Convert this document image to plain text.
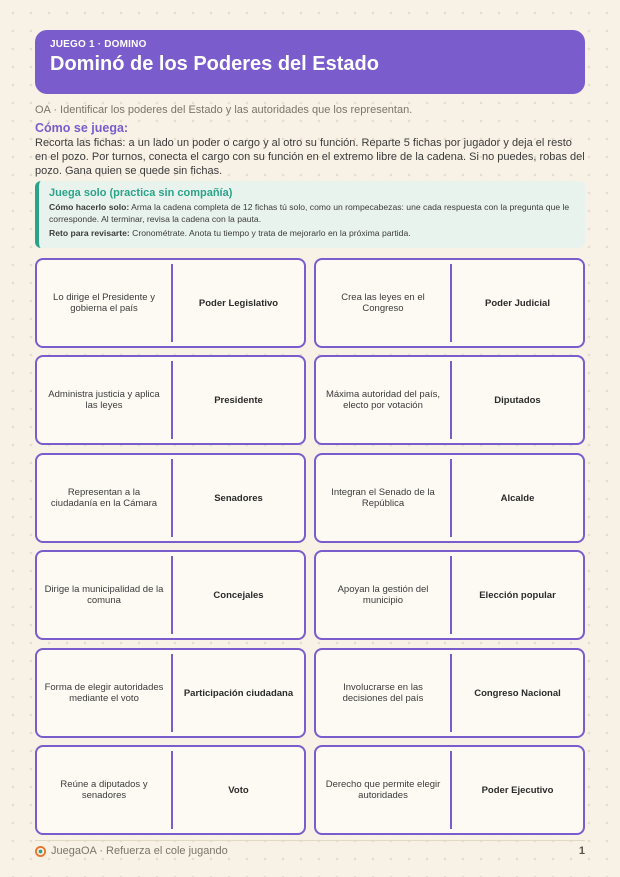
JUEGO 1 · DOMINO
Dominó de los Poderes del Estado
OA · Identificar los poderes del Estado y las autoridades que los representan.
Cómo se juega:
Recorta las fichas: a un lado un poder o cargo y al otro su función. Reparte 5 fichas por jugador y deja el resto en el pozo. Por turnos, conecta el cargo con su función en el extremo libre de la cadena. Si no puedes, robas del pozo. Gana quien se quede sin fichas.
Juega solo (practica sin compañía)

Cómo hacerlo solo: Arma la cadena completa de 12 fichas tú solo, como un rompecabezas: une cada respuesta con la pregunta que le corresponde. Al terminar, revisa la cadena con la pauta.

Reto para revisarte: Cronométrate. Anota tu tiempo y trata de mejorarlo en la próxima partida.

Lo dirige el Presidente y gobierna el país	Poder Legislativo	Crea las leyes en el Congreso	Poder Judicial
Administra justicia y aplica las leyes	Presidente	Máxima autoridad del país, electo por votación	Diputados
Representan a la ciudadanía en la Cámara	Senadores	Integran el Senado de la República	Alcalde
Dirige la municipalidad de la comuna	Concejales	Apoyan la gestión del municipio	Elección popular
Forma de elegir autoridades mediante el voto	Participación ciudadana	Involucrarse en las decisiones del país	Congreso Nacional
Reúne a diputados y senadores	Voto	Derecho que permite elegir autoridades	Poder Ejecutivo
JuegaOA · Refuerza el cole jugando	1
